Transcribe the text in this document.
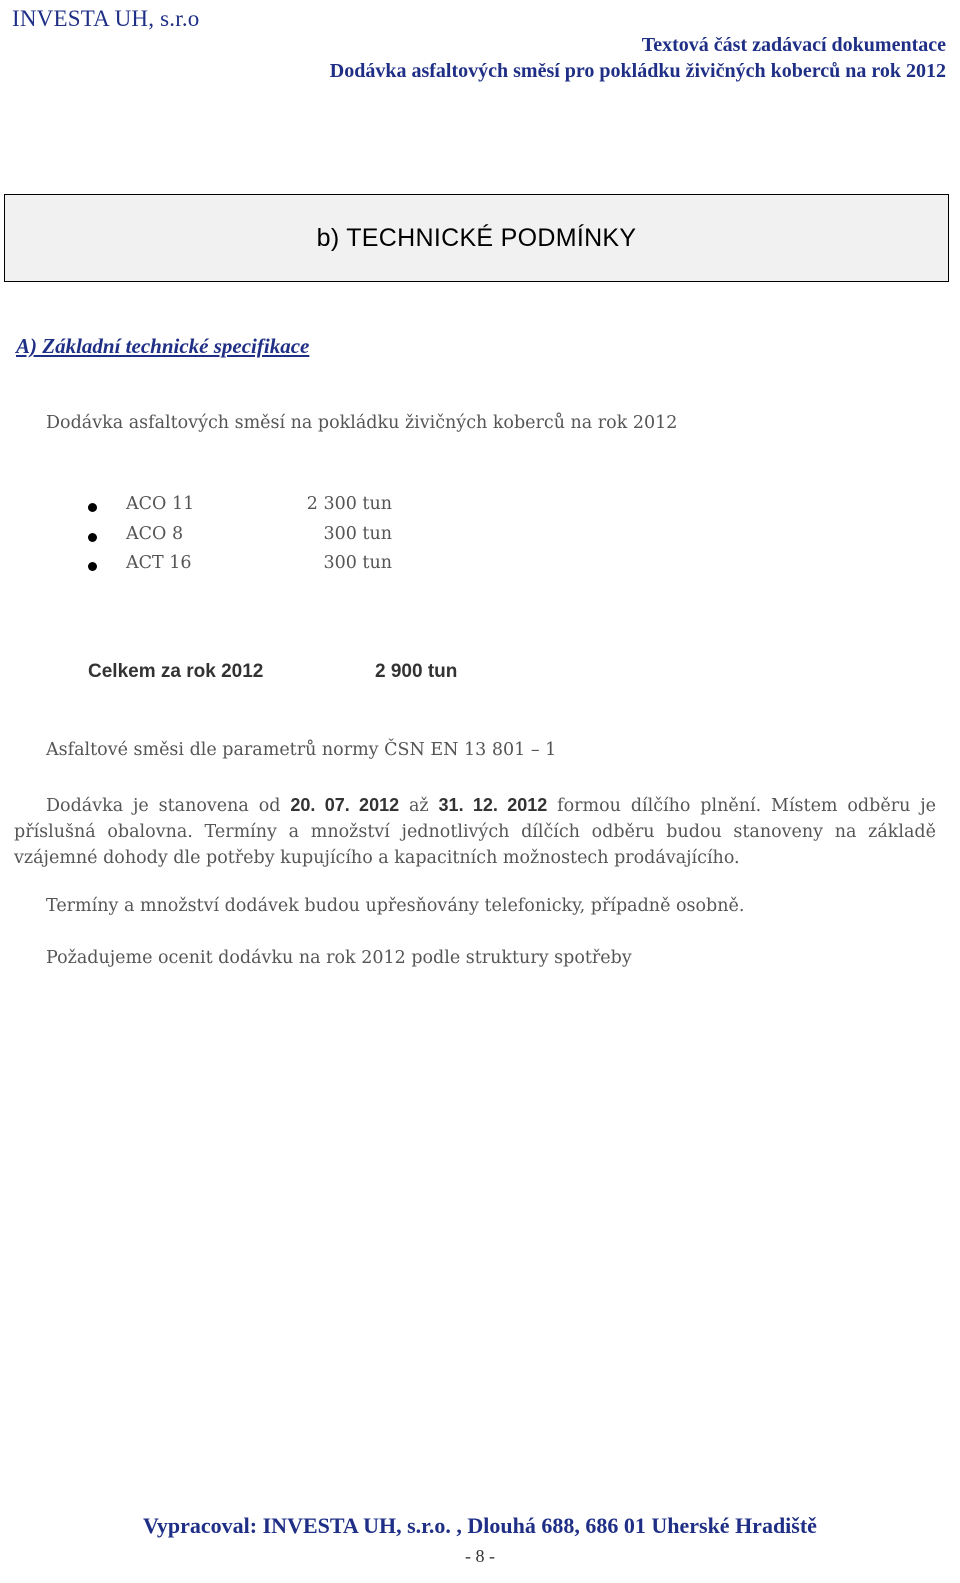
INVESTA UH, s.r.o
Textová část zadávací dokumentace
Dodávka asfaltových směsí pro pokládku živičných koberců na rok 2012
b) TECHNICKÉ PODMÍNKY
A) Základní technické specifikace
Dodávka asfaltových směsí na pokládku živičných koberců na rok 2012
ACO 11	2 300 tun
ACO 8	300 tun
ACT 16	300 tun
Celkem za rok 2012	2 900 tun
Asfaltové směsi dle parametrů normy ČSN EN 13 801 – 1
Dodávka je stanovena od 20. 07. 2012 až 31. 12. 2012 formou dílčího plnění. Místem odběru je příslušná obalovna. Termíny a množství jednotlivých dílčích odběru budou stanoveny na základě vzájemné dohody dle potřeby kupujícího a kapacitních možnostech prodávajícího.
Termíny a množství dodávek budou upřesňovány telefonicky, případně osobně.
Požadujeme ocenit dodávku na rok 2012 podle struktury spotřeby
Vypracoval: INVESTA UH, s.r.o. , Dlouhá 688, 686 01 Uherské Hradiště
- 8 -
